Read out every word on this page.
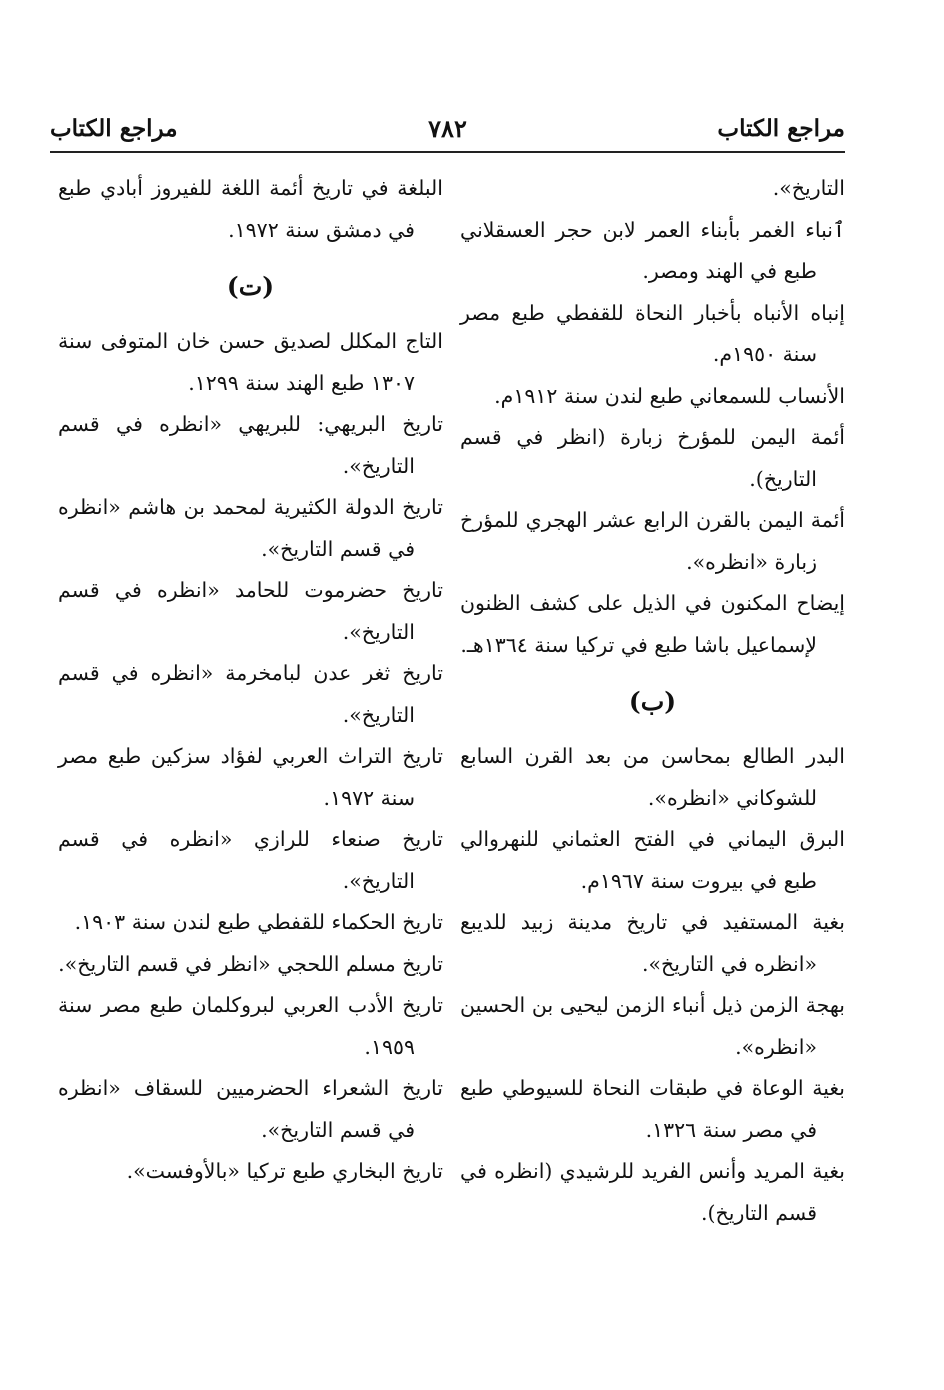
مراجع الكتاب
٧٨٢
مراجع الكتاب
التاريخ».
ٱنباء الغمر بأبناء العمر لابن حجر العسقلاني طبع في الهند ومصر.
إنباه الأنباه بأخبار النحاة للقفطي طبع مصر سنة ١٩٥٠م.
الأنساب للسمعاني طبع لندن سنة ١٩١٢م.
أئمة اليمن للمؤرخ زبارة (انظر في قسم التاريخ).
أئمة اليمن بالقرن الرابع عشر الهجري للمؤرخ زبارة «انظره».
إيضاح المكنون في الذيل على كشف الظنون لإسماعيل باشا طبع في تركيا سنة ١٣٦٤هـ.
(ب)
البدر الطالع بمحاسن من بعد القرن السابع للشوكاني «انظره».
البرق اليماني في الفتح العثماني للنهروالي طبع في بيروت سنة ١٩٦٧م.
بغية المستفيد في تاريخ مدينة زبيد للديبع «انظره في التاريخ».
بهجة الزمن ذيل أنباء الزمن ليحيى بن الحسين «انظره».
بغية الوعاة في طبقات النحاة للسيوطي طبع في مصر سنة ١٣٢٦.
بغية المريد وأنس الفريد للرشيدي (انظره في قسم التاريخ).
البلغة في تاريخ أئمة اللغة للفيروز أبادي طبع في دمشق سنة ١٩٧٢.
(ت)
التاج المكلل لصديق حسن خان المتوفى سنة ١٣٠٧ طبع الهند سنة ١٢٩٩.
تاريخ البريهي: للبريهي «انظره في قسم التاريخ».
تاريخ الدولة الكثيرية لمحمد بن هاشم «انظره في قسم التاريخ».
تاريخ حضرموت للحامد «انظره في قسم التاريخ».
تاريخ ثغر عدن لبامخرمة «انظره في قسم التاريخ».
تاريخ التراث العربي لفؤاد سزكين طبع مصر سنة ١٩٧٢.
تاريخ صنعاء للرازي «انظره في قسم التاريخ».
تاريخ الحكماء للقفطي طبع لندن سنة ١٩٠٣.
تاريخ مسلم اللحجي «انظر في قسم التاريخ».
تاريخ الأدب العربي لبروكلمان طبع مصر سنة ١٩٥٩.
تاريخ الشعراء الحضرميين للسقاف «انظره في قسم التاريخ».
تاريخ البخاري طبع تركيا «بالأوفست».
